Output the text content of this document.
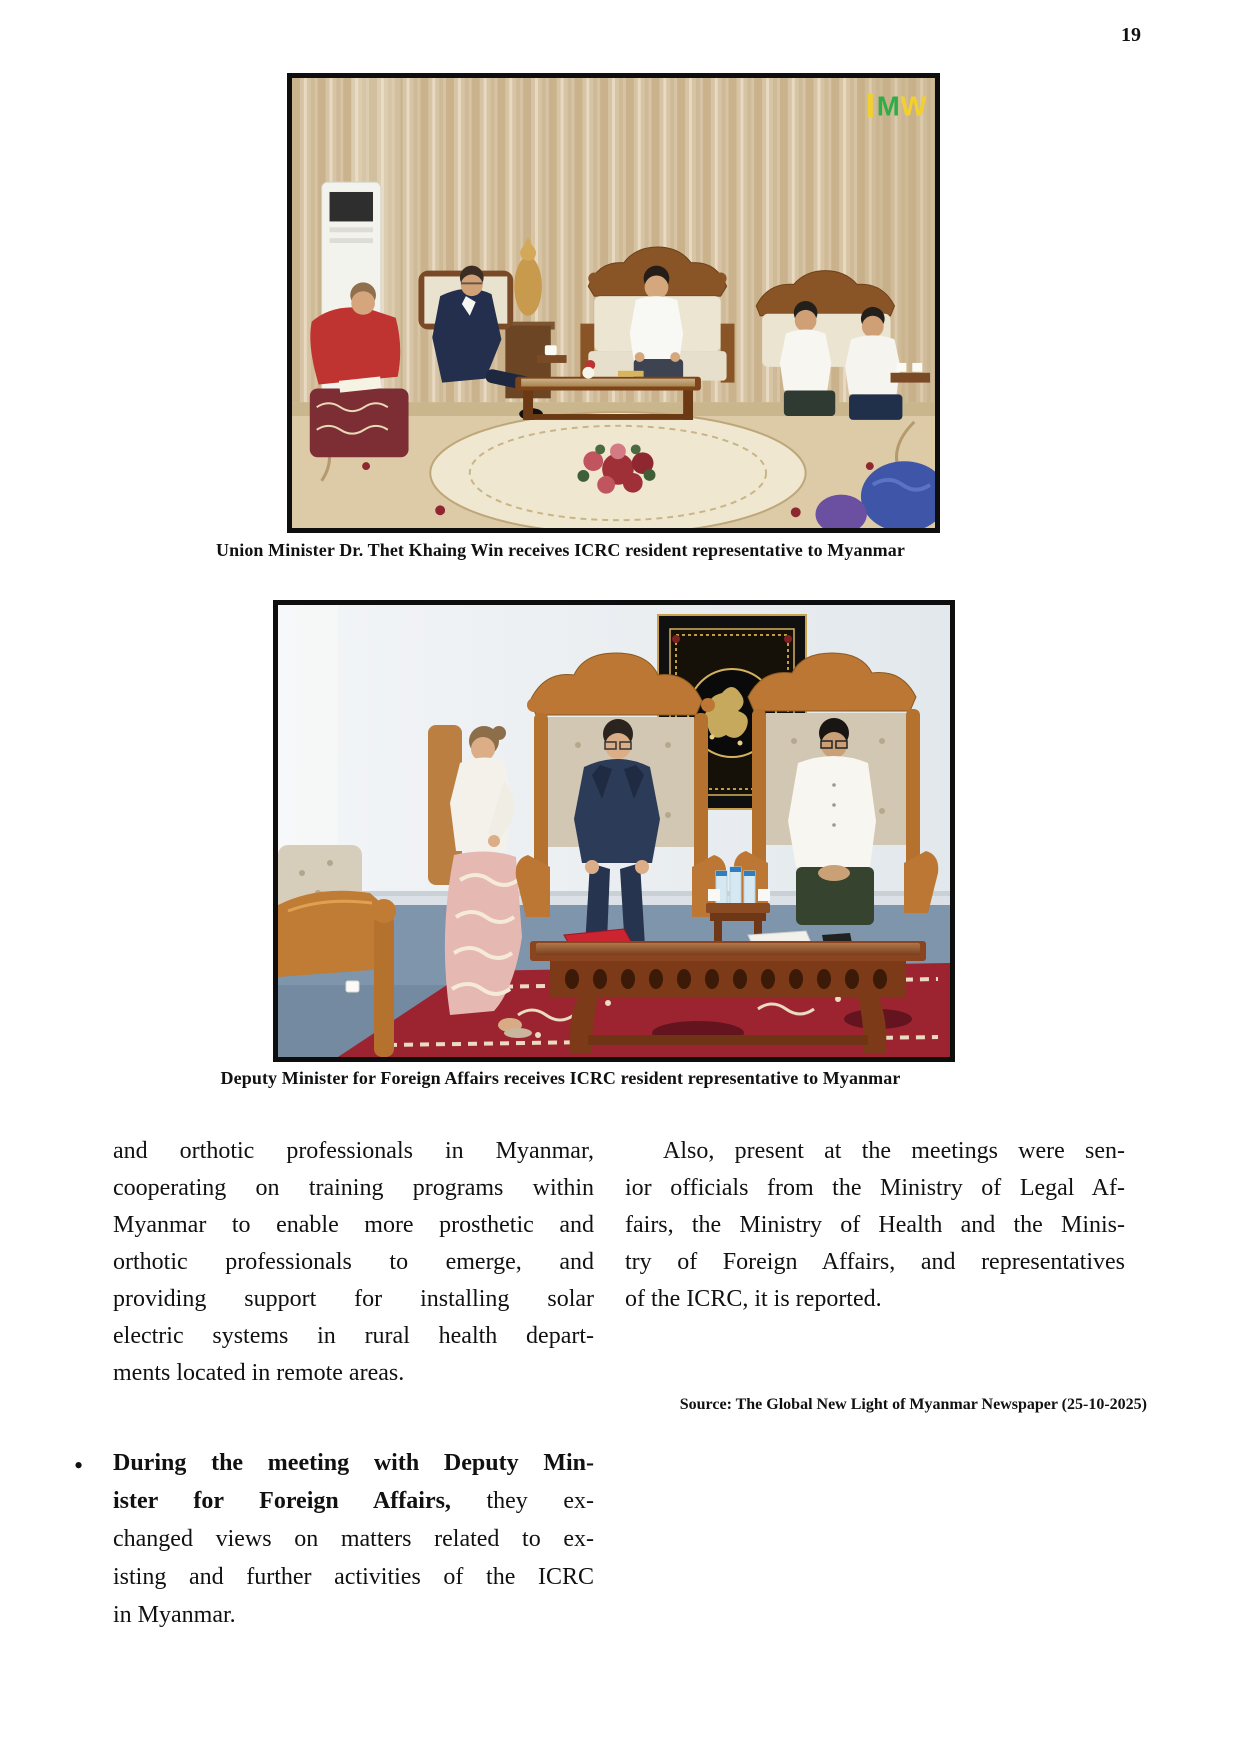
19
M W
Union Minister Dr. Thet Khaing Win receives ICRC resident representative to Myanmar
Deputy Minister for Foreign Affairs receives ICRC resident representative to Myanmar
and orthotic professionals in Myanmar,
cooperating on training programs within
Myanmar to enable more prosthetic and
orthotic professionals to emerge, and
providing support for installing solar
electric systems in rural health depart-
ments located in remote areas.
• During the meeting with Deputy Min-
ister for Foreign Affairs, they ex-
changed views on matters related to ex-
isting and further activities of the ICRC
in Myanmar.
Also, present at the meetings were sen-
ior officials from the Ministry of Legal Af-
fairs, the Ministry of Health and the Minis-
try of Foreign Affairs, and representatives
of the ICRC, it is reported.
Source: The Global New Light of Myanmar Newspaper (25-10-2025)
